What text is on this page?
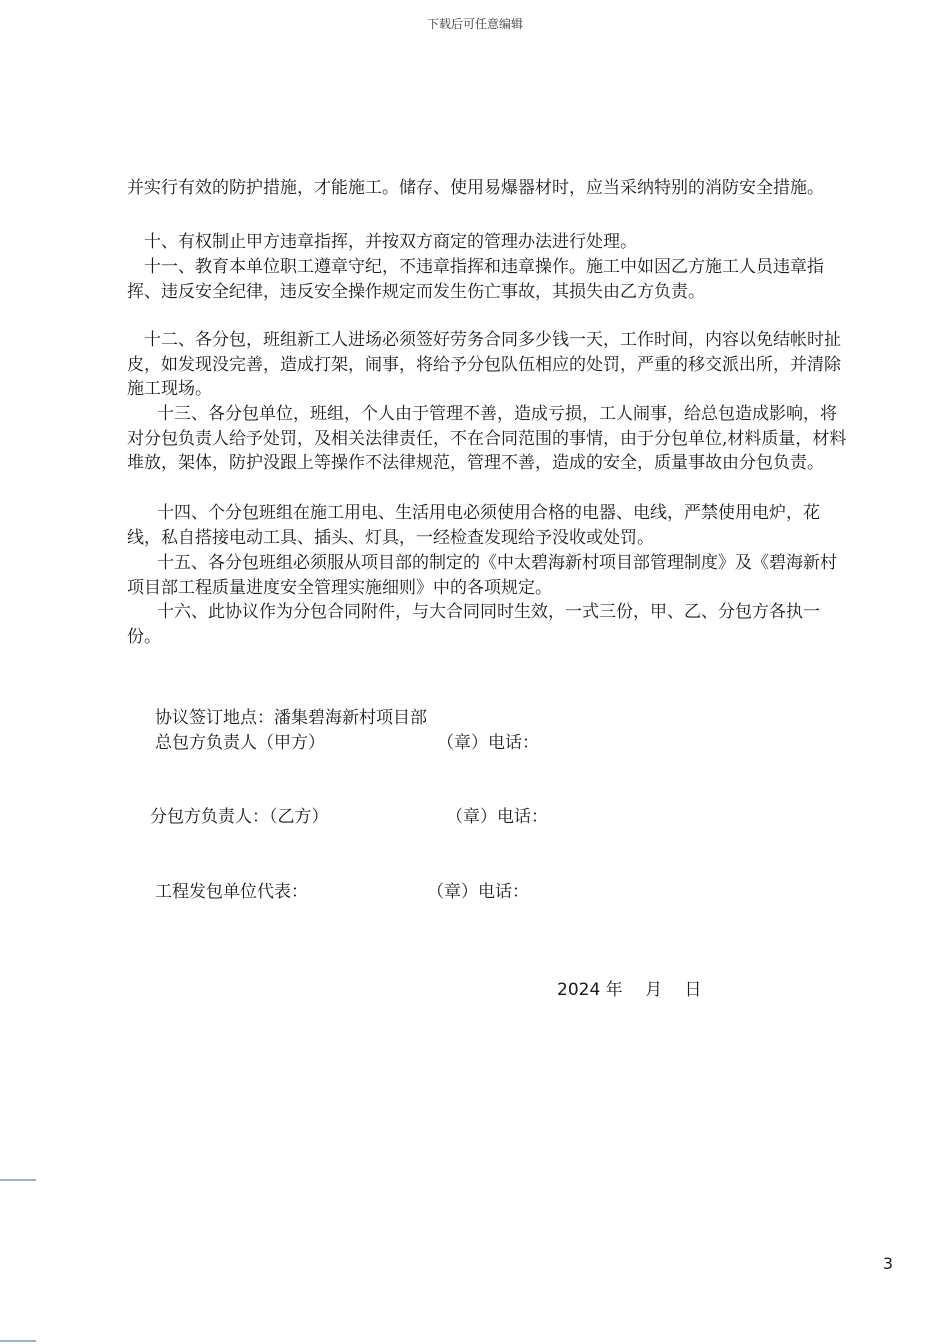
下载后可任意编辑

并实行有效的防护措施，才能施工。储存、使用易爆器材时，应当采纳特别的消防安全措施。

　十、有权制止甲方违章指挥，并按双方商定的管理办法进行处理。

　十一、教育本单位职工遵章守纪，不违章指挥和违章操作。施工中如因乙方施工人员违章指挥、违反安全纪律，违反安全操作规定而发生伤亡事故，其损失由乙方负责。

　十二、各分包，班组新工人进场必须签好劳务合同多少钱一天，工作时间，内容以免结帐时扯皮，如发现没完善，造成打架，闹事，将给予分包队伍相应的处罚，严重的移交派出所，并清除施工现场。

十三、各分包单位，班组，个人由于管理不善，造成亏损，工人闹事，给总包造成影响，将对分包负责人给予处罚，及相关法律责任，不在合同范围的事情，由于分包单位,材料质量，材料堆放，架体，防护没跟上等操作不法律规范，管理不善，造成的安全，质量事故由分包负责。

十四、个分包班组在施工用电、生活用电必须使用合格的电器、电线，严禁使用电炉，花线，私自搭接电动工具、插头、灯具，一经检查发现给予没收或处罚。

十五、各分包班组必须服从项目部的制定的《中太碧海新村项目部管理制度》及《碧海新村项目部工程质量进度安全管理实施细则》中的各项规定。

十六、此协议作为分包合同附件，与大合同同时生效，一式三份，甲、乙、分包方各执一份。

协议签订地点：潘集碧海新村项目部

总包方负责人（甲方）	（章）电话：

分包方负责人：（乙方）	（章）电话：

工程发包单位代表：	（章）电话：

2024 年　 月　 日
3
